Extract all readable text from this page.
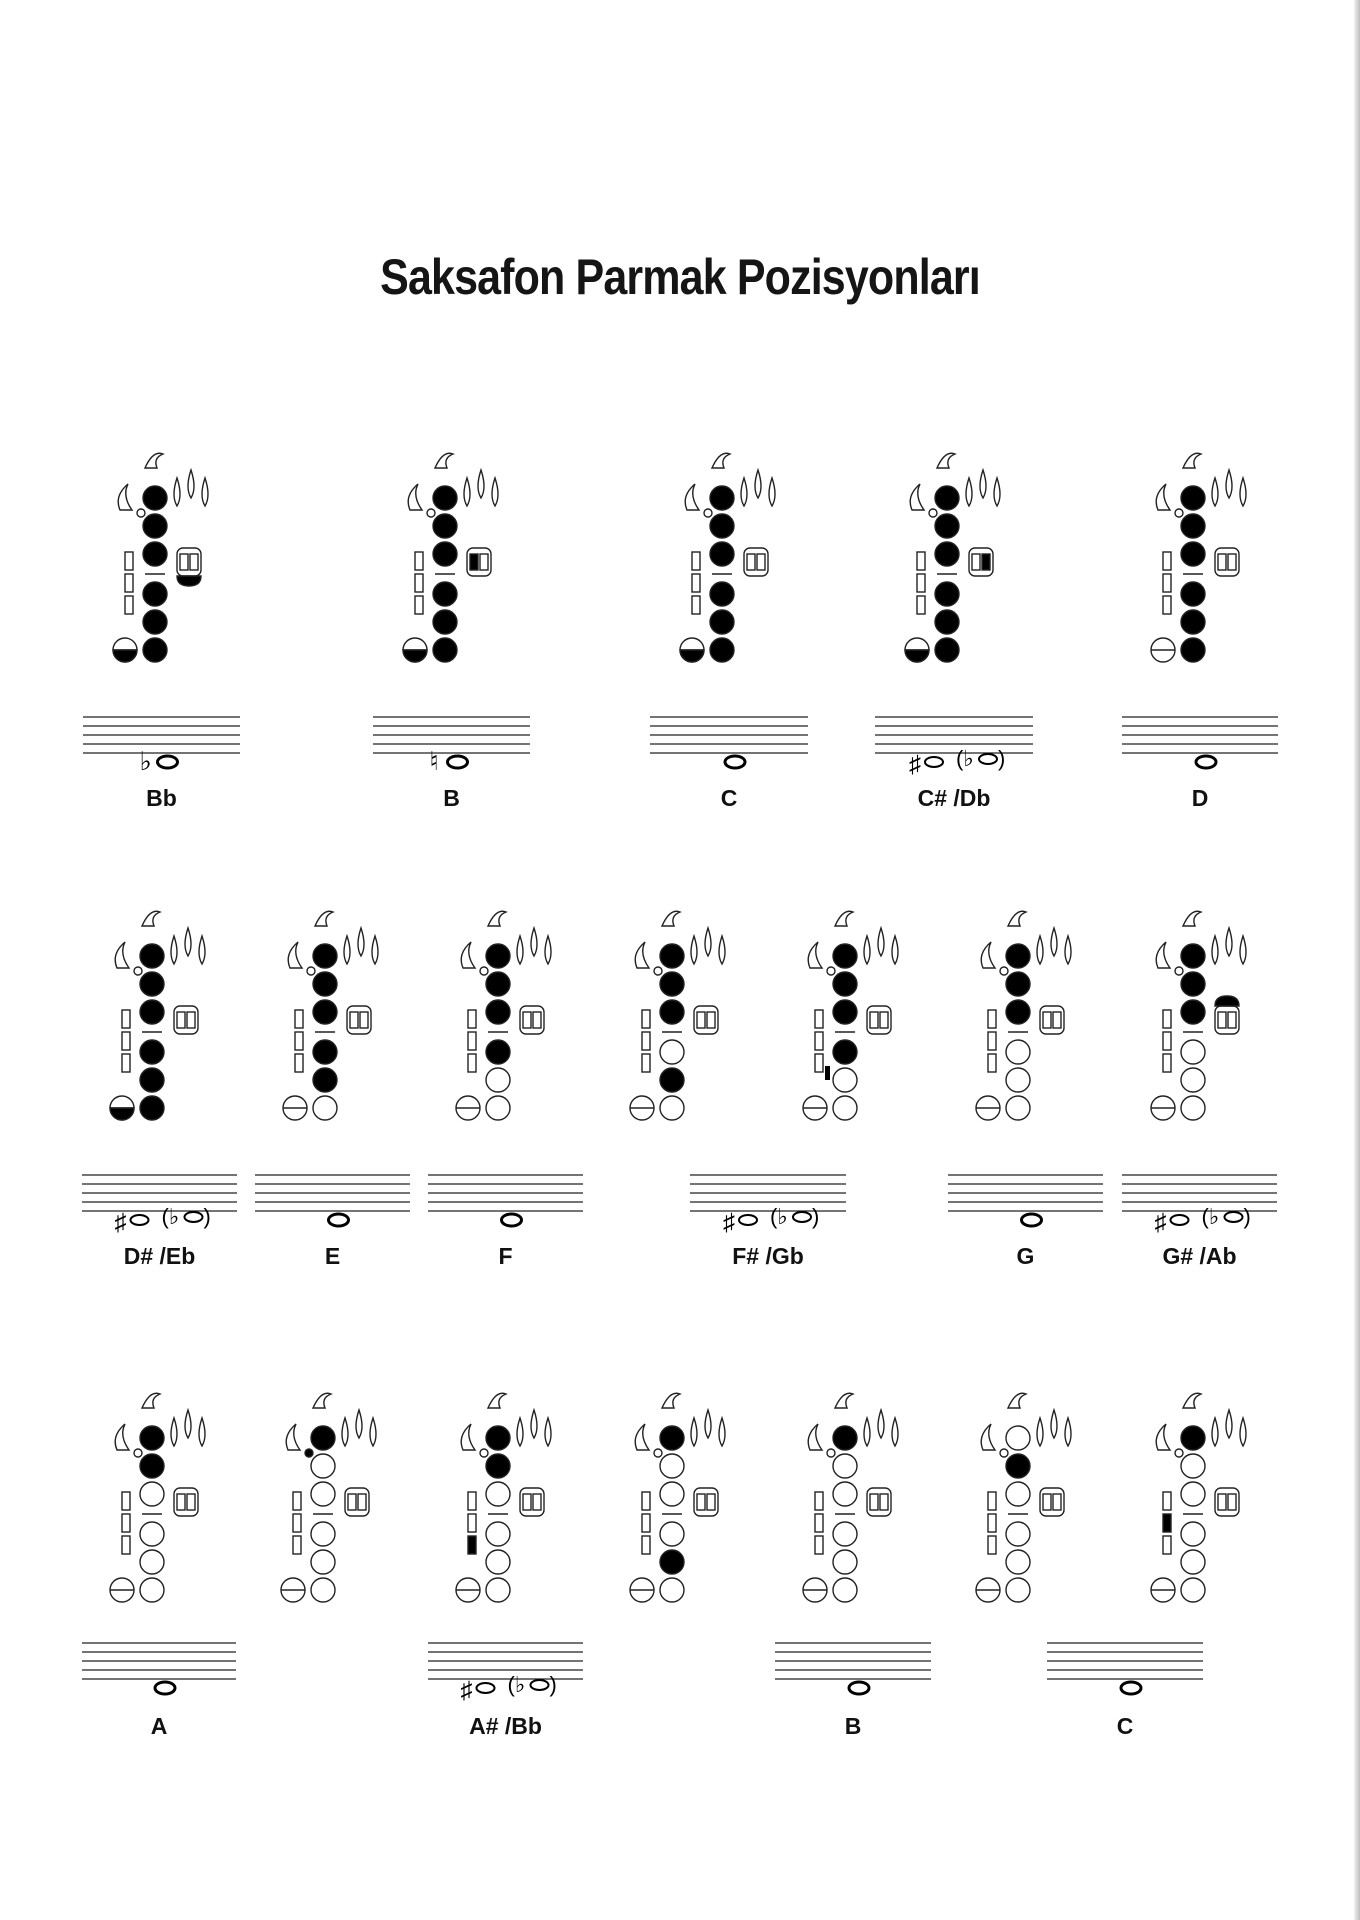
Saksafon Parmak Pozisyonları
♭
Bb
♮
B	C
♯ (♭ )
C# /Db	D
♯ (♭ )
D# /Eb	E	F
♯ (♭ )
F# /Gb	G
♯ (♭ )
G# /Ab
A
♯ (♭ )
A# /Bb	B	C
